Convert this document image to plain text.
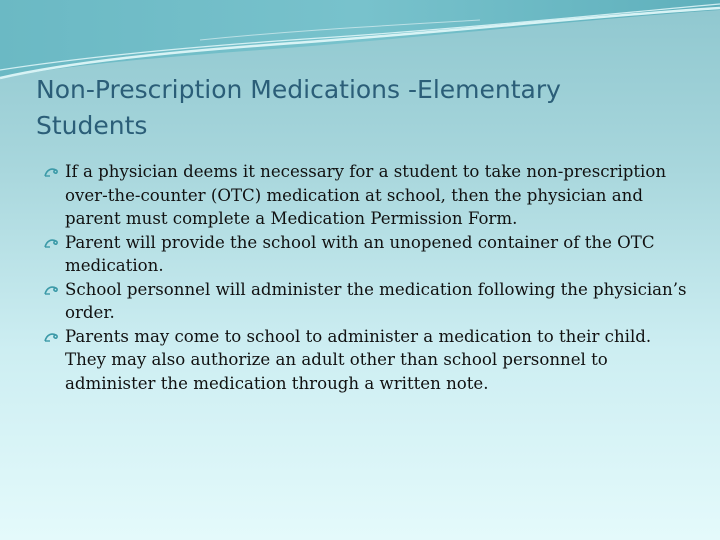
Non-Prescription Medications -Elementary
Students
If a physician deems it necessary for a student to take non-prescription over-the-counter (OTC) medication at school, then the physician and parent must complete a Medication Permission Form.
Parent will provide the school with an unopened container of the OTC medication.
School personnel will administer the medication following the physician’s order.
Parents may come to school to administer a medication to their child. They may also authorize an adult other than school personnel to administer the medication through a written note.
